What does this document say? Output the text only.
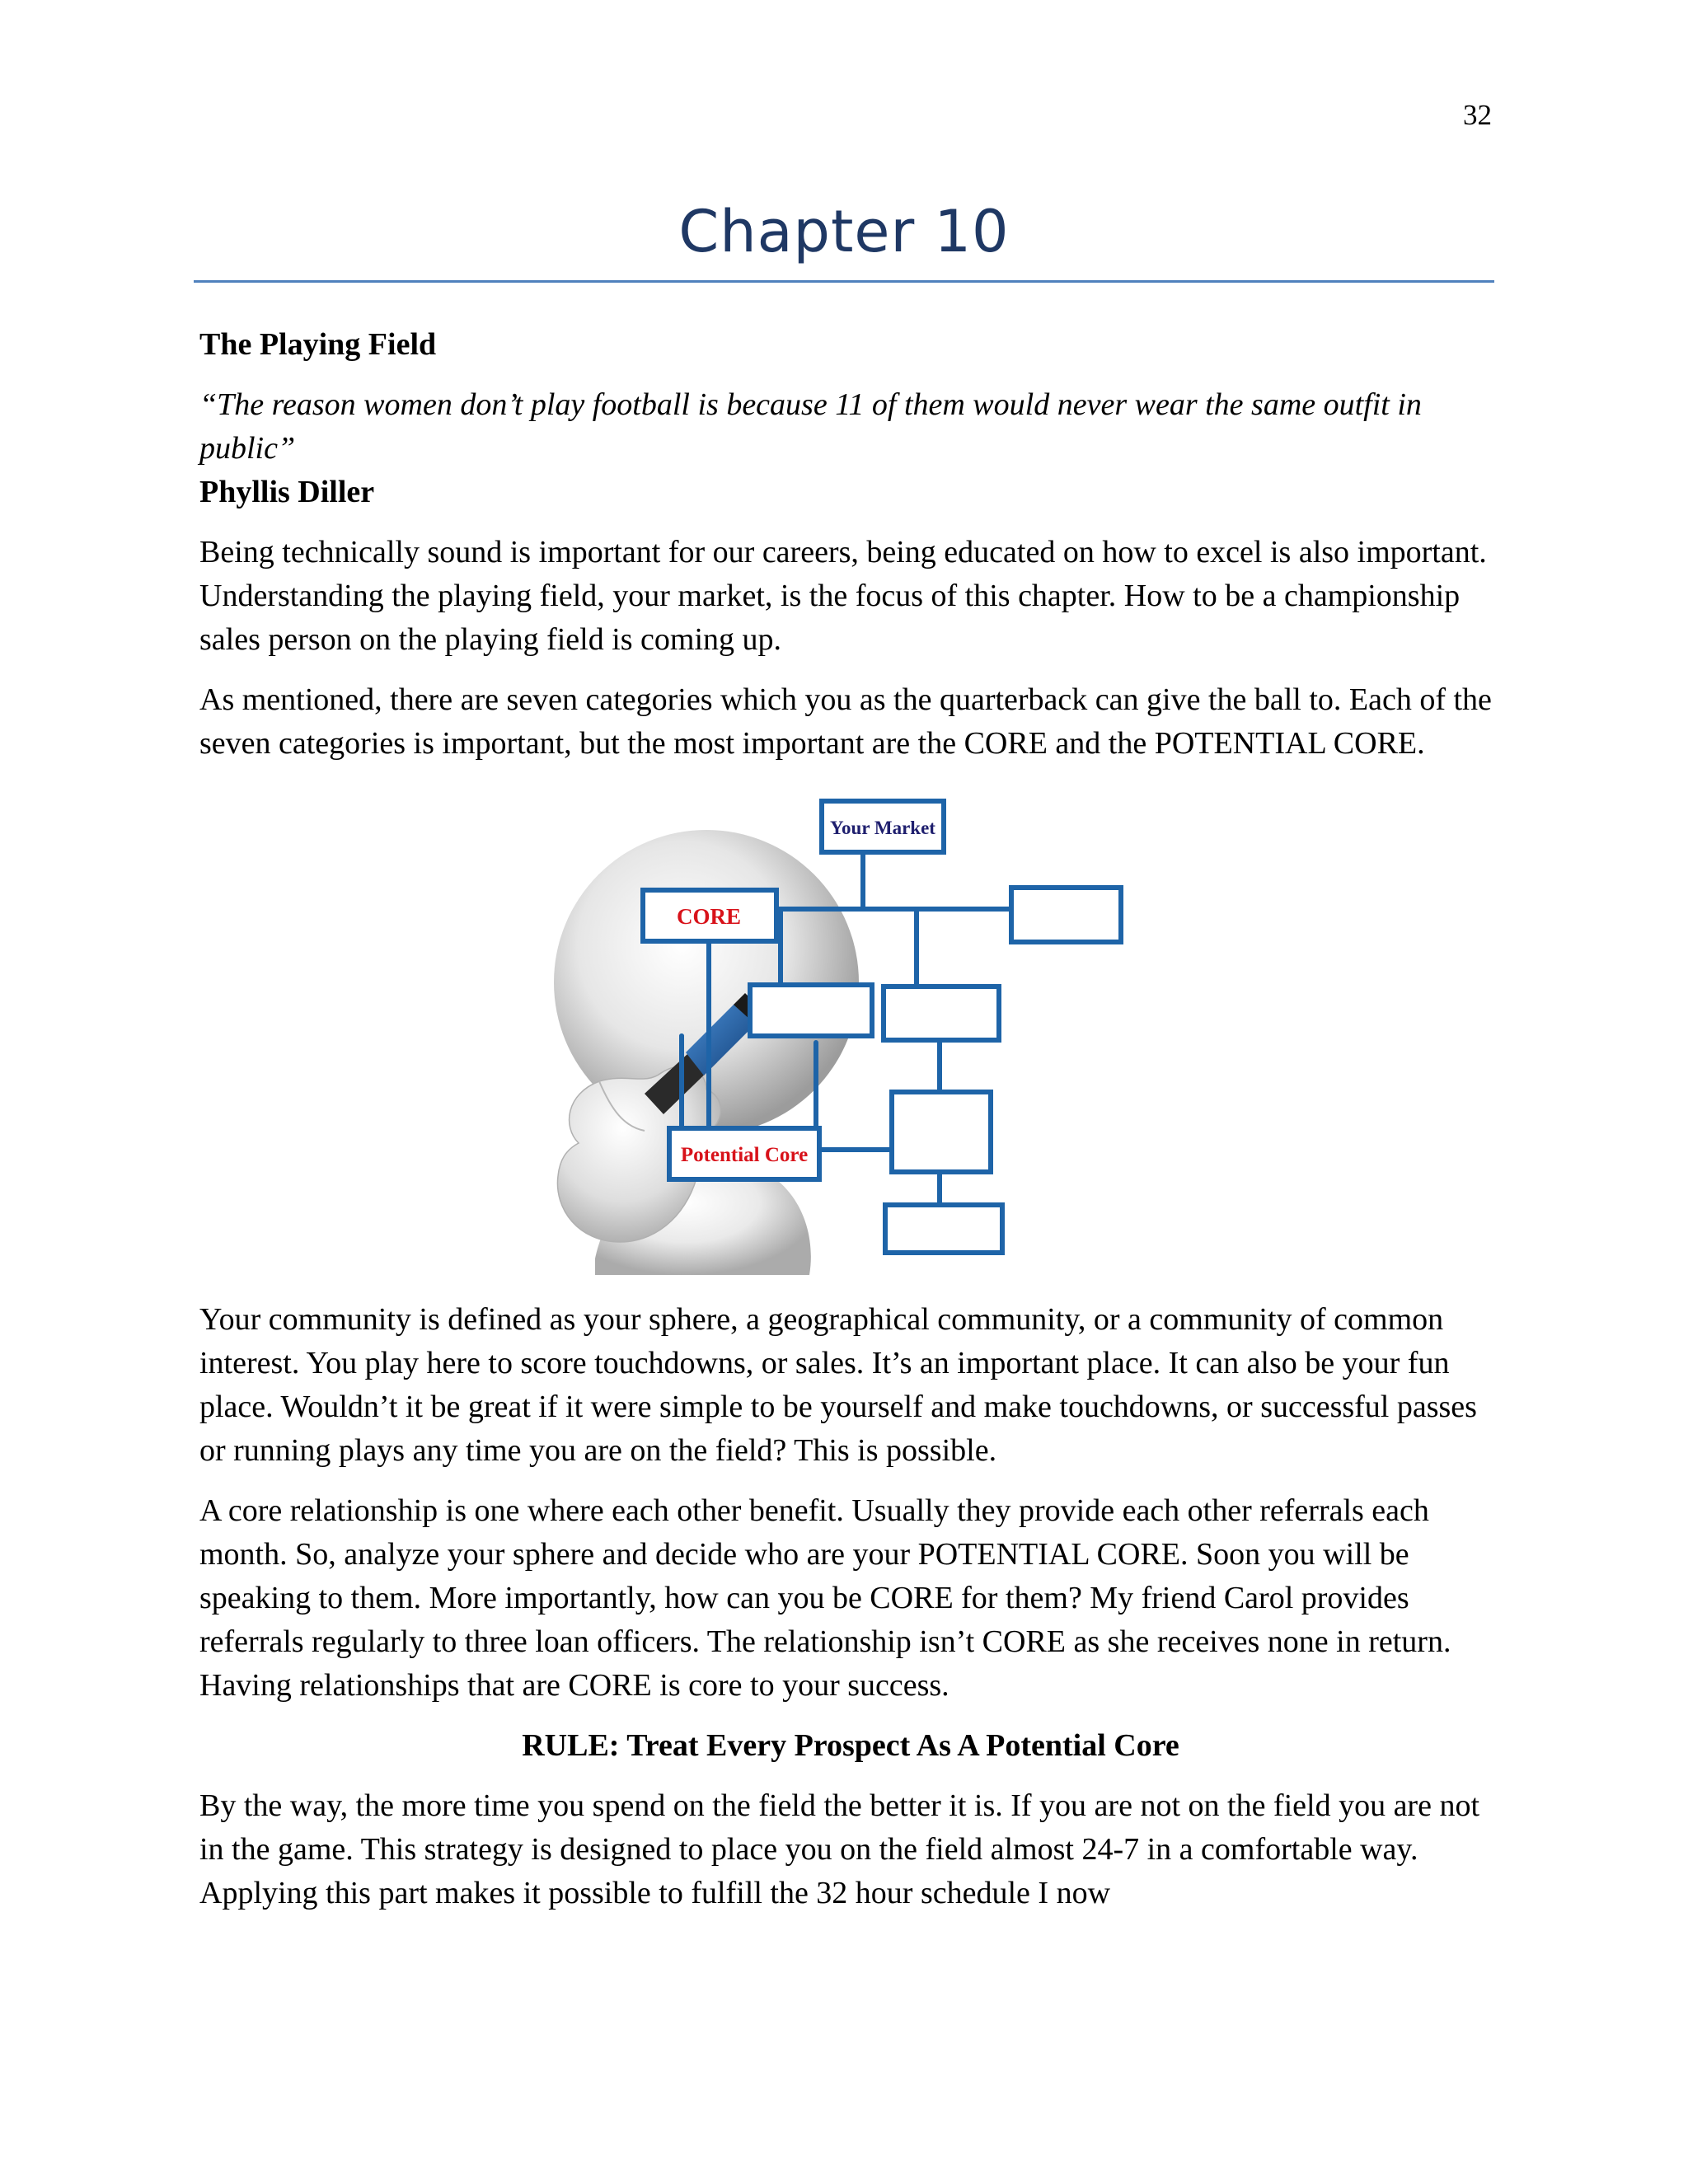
32
Chapter 10

The Playing Field

“The reason women don’t play football is because 11 of them would never wear the same outfit in public”

Phyllis Diller

Being technically sound is important for our careers, being educated on how to excel is also important. Understanding the playing field, your market, is the focus of this chapter. How to be a championship sales person on the playing field is coming up.

As mentioned, there are seven categories which you as the quarterback can give the ball to. Each of the seven categories is important, but the most important are the CORE and the POTENTIAL CORE.

Your Market
CORE
Potential Core

Your community is defined as your sphere, a geographical community, or a community of common interest. You play here to score touchdowns, or sales. It’s an important place. It can also be your fun place. Wouldn’t it be great if it were simple to be yourself and make touchdowns, or successful passes or running plays any time you are on the field? This is possible.

A core relationship is one where each other benefit. Usually they provide each other referrals each month. So, analyze your sphere and decide who are your POTENTIAL CORE. Soon you will be speaking to them. More importantly, how can you be CORE for them? My friend Carol provides referrals regularly to three loan officers. The relationship isn’t CORE as she receives none in return. Having relationships that are CORE is core to your success.

RULE: Treat Every Prospect As A Potential Core

By the way, the more time you spend on the field the better it is. If you are not on the field you are not in the game. This strategy is designed to place you on the field almost 24-7 in a comfortable way. Applying this part makes it possible to fulfill the 32 hour schedule I now
